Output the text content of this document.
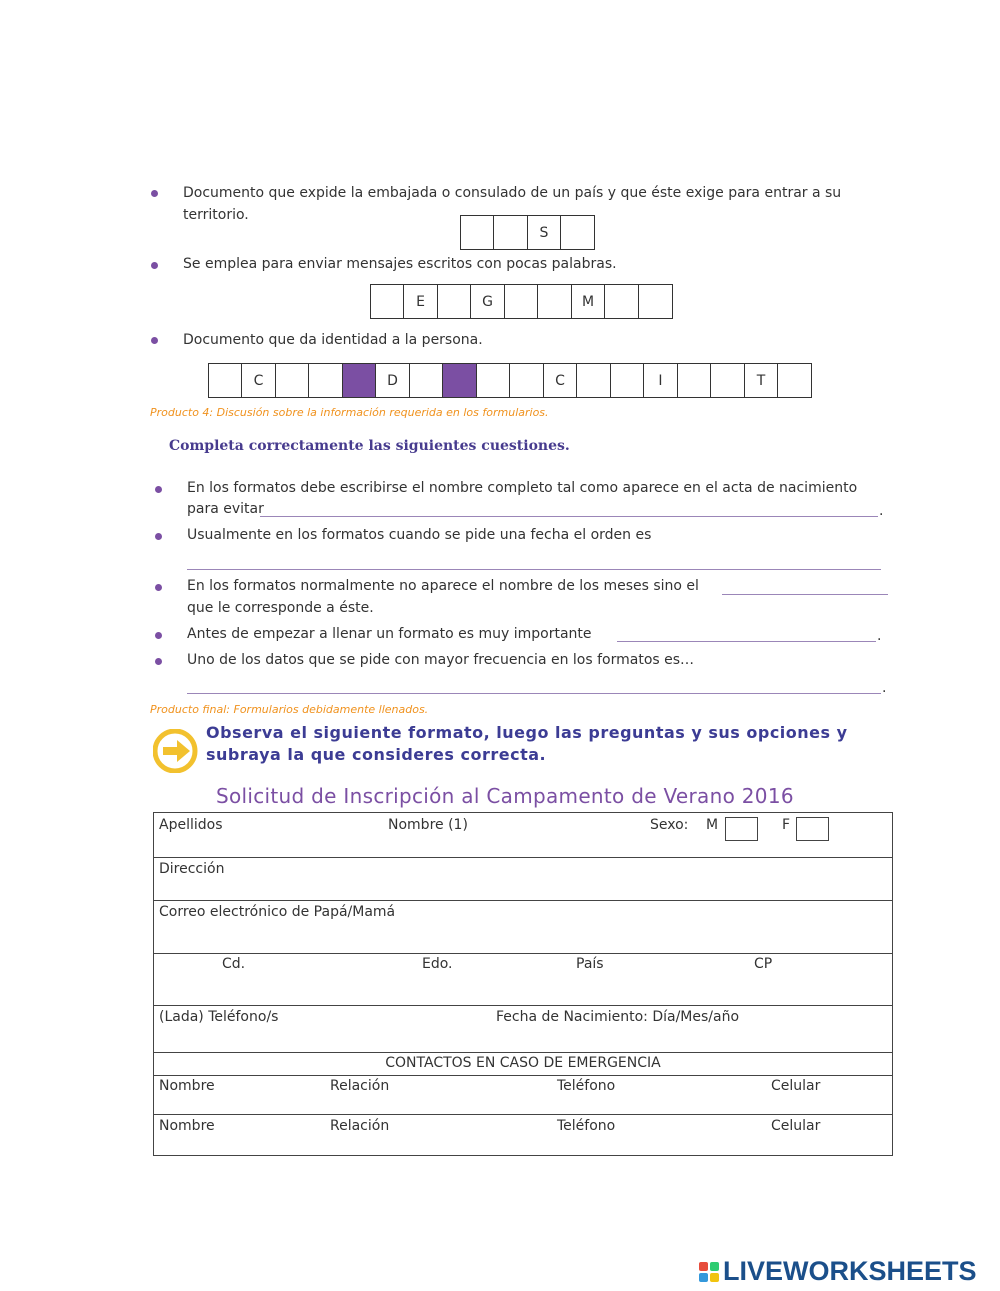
Documento que expide la embajada o consulado de un país y que éste exige para entrar a su
territorio.
S
Se emplea para enviar mensajes escritos con pocas palabras.
E	G	M
Documento que da identidad a la persona.
C	D	C	I	T
Producto 4: Discusión sobre la información requerida en los formularios.
Completa correctamente las siguientes cuestiones.
En los formatos debe escribirse el nombre completo tal como aparece en el acta de nacimiento
para evitar	.
Usualmente en los formatos cuando se pide una fecha el orden es
En los formatos normalmente no aparece el nombre de los meses sino el
que le corresponde a éste.
Antes de empezar a llenar un formato es muy importante	.
Uno de los datos que se pide con mayor frecuencia en los formatos es…
.
Producto final: Formularios debidamente llenados.
Observa el siguiente formato, luego las preguntas y sus opciones y
subraya la que consideres correcta.
Solicitud de Inscripción al Campamento de Verano 2016
Apellidos	Nombre (1)	Sexo: M	F
Dirección
Correo electrónico de Papá/Mamá
Cd.	Edo.	País	CP
(Lada) Teléfono/s	Fecha de Nacimiento: Día/Mes/año
CONTACTOS EN CASO DE EMERGENCIA
Nombre	Relación	Teléfono	Celular
Nombre	Relación	Teléfono	Celular
LIVEWORKSHEETS
